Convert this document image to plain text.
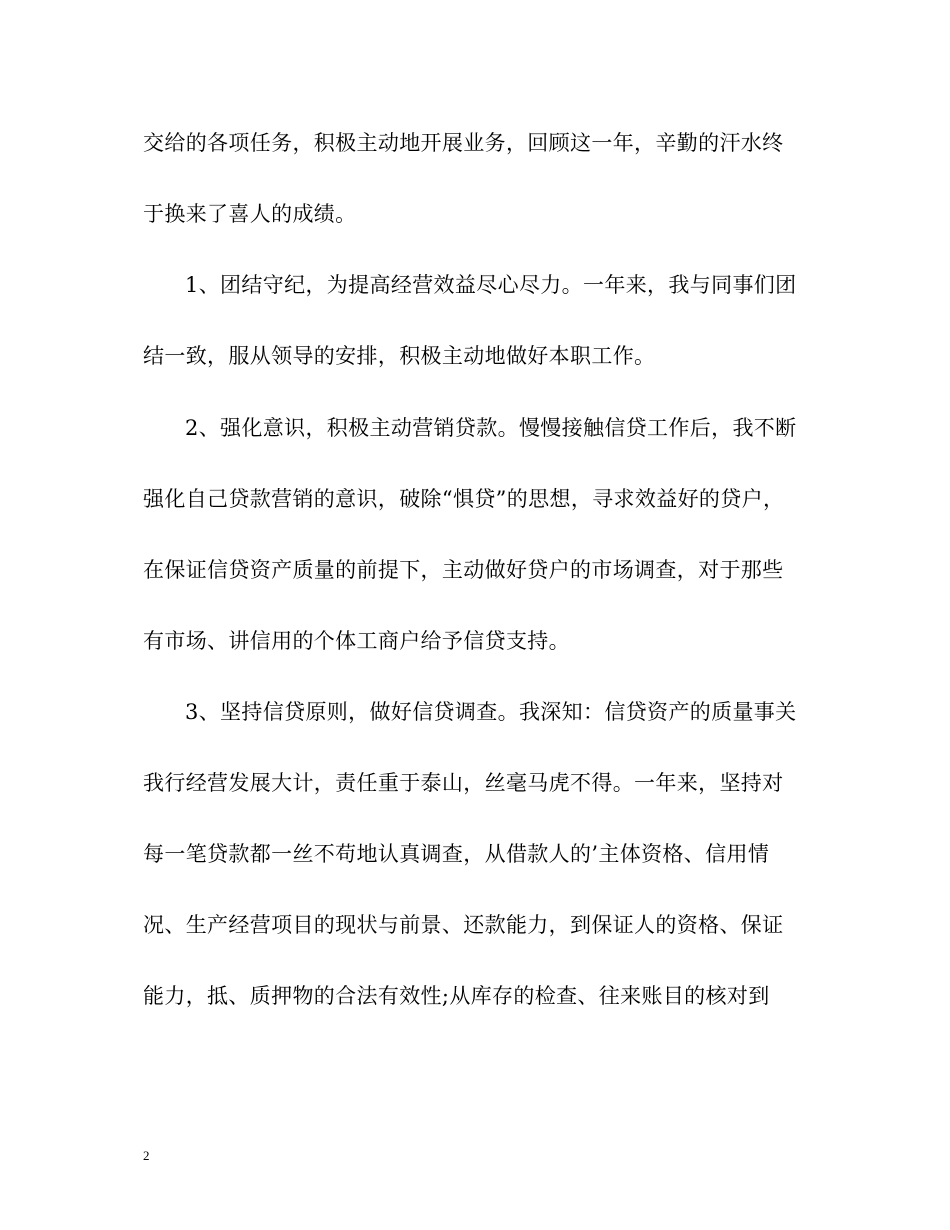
交给的各项任务，积极主动地开展业务，回顾这一年，辛勤的汗水终
于换来了喜人的成绩。
1、团结守纪，为提高经营效益尽心尽力。一年来，我与同事们团
结一致，服从领导的安排，积极主动地做好本职工作。
2、强化意识，积极主动营销贷款。慢慢接触信贷工作后，我不断
强化自己贷款营销的意识，破除“惧贷”的思想，寻求效益好的贷户，
在保证信贷资产质量的前提下，主动做好贷户的市场调查，对于那些
有市场、讲信用的个体工商户给予信贷支持。
3、坚持信贷原则，做好信贷调查。我深知：信贷资产的质量事关
我行经营发展大计，责任重于泰山，丝毫马虎不得。一年来，坚持对
每一笔贷款都一丝不苟地认真调查，从借款人的’主体资格、信用情
况、生产经营项目的现状与前景、还款能力，到保证人的资格、保证
能力，抵、质押物的合法有效性;从库存的检查、往来账目的核对到
2
